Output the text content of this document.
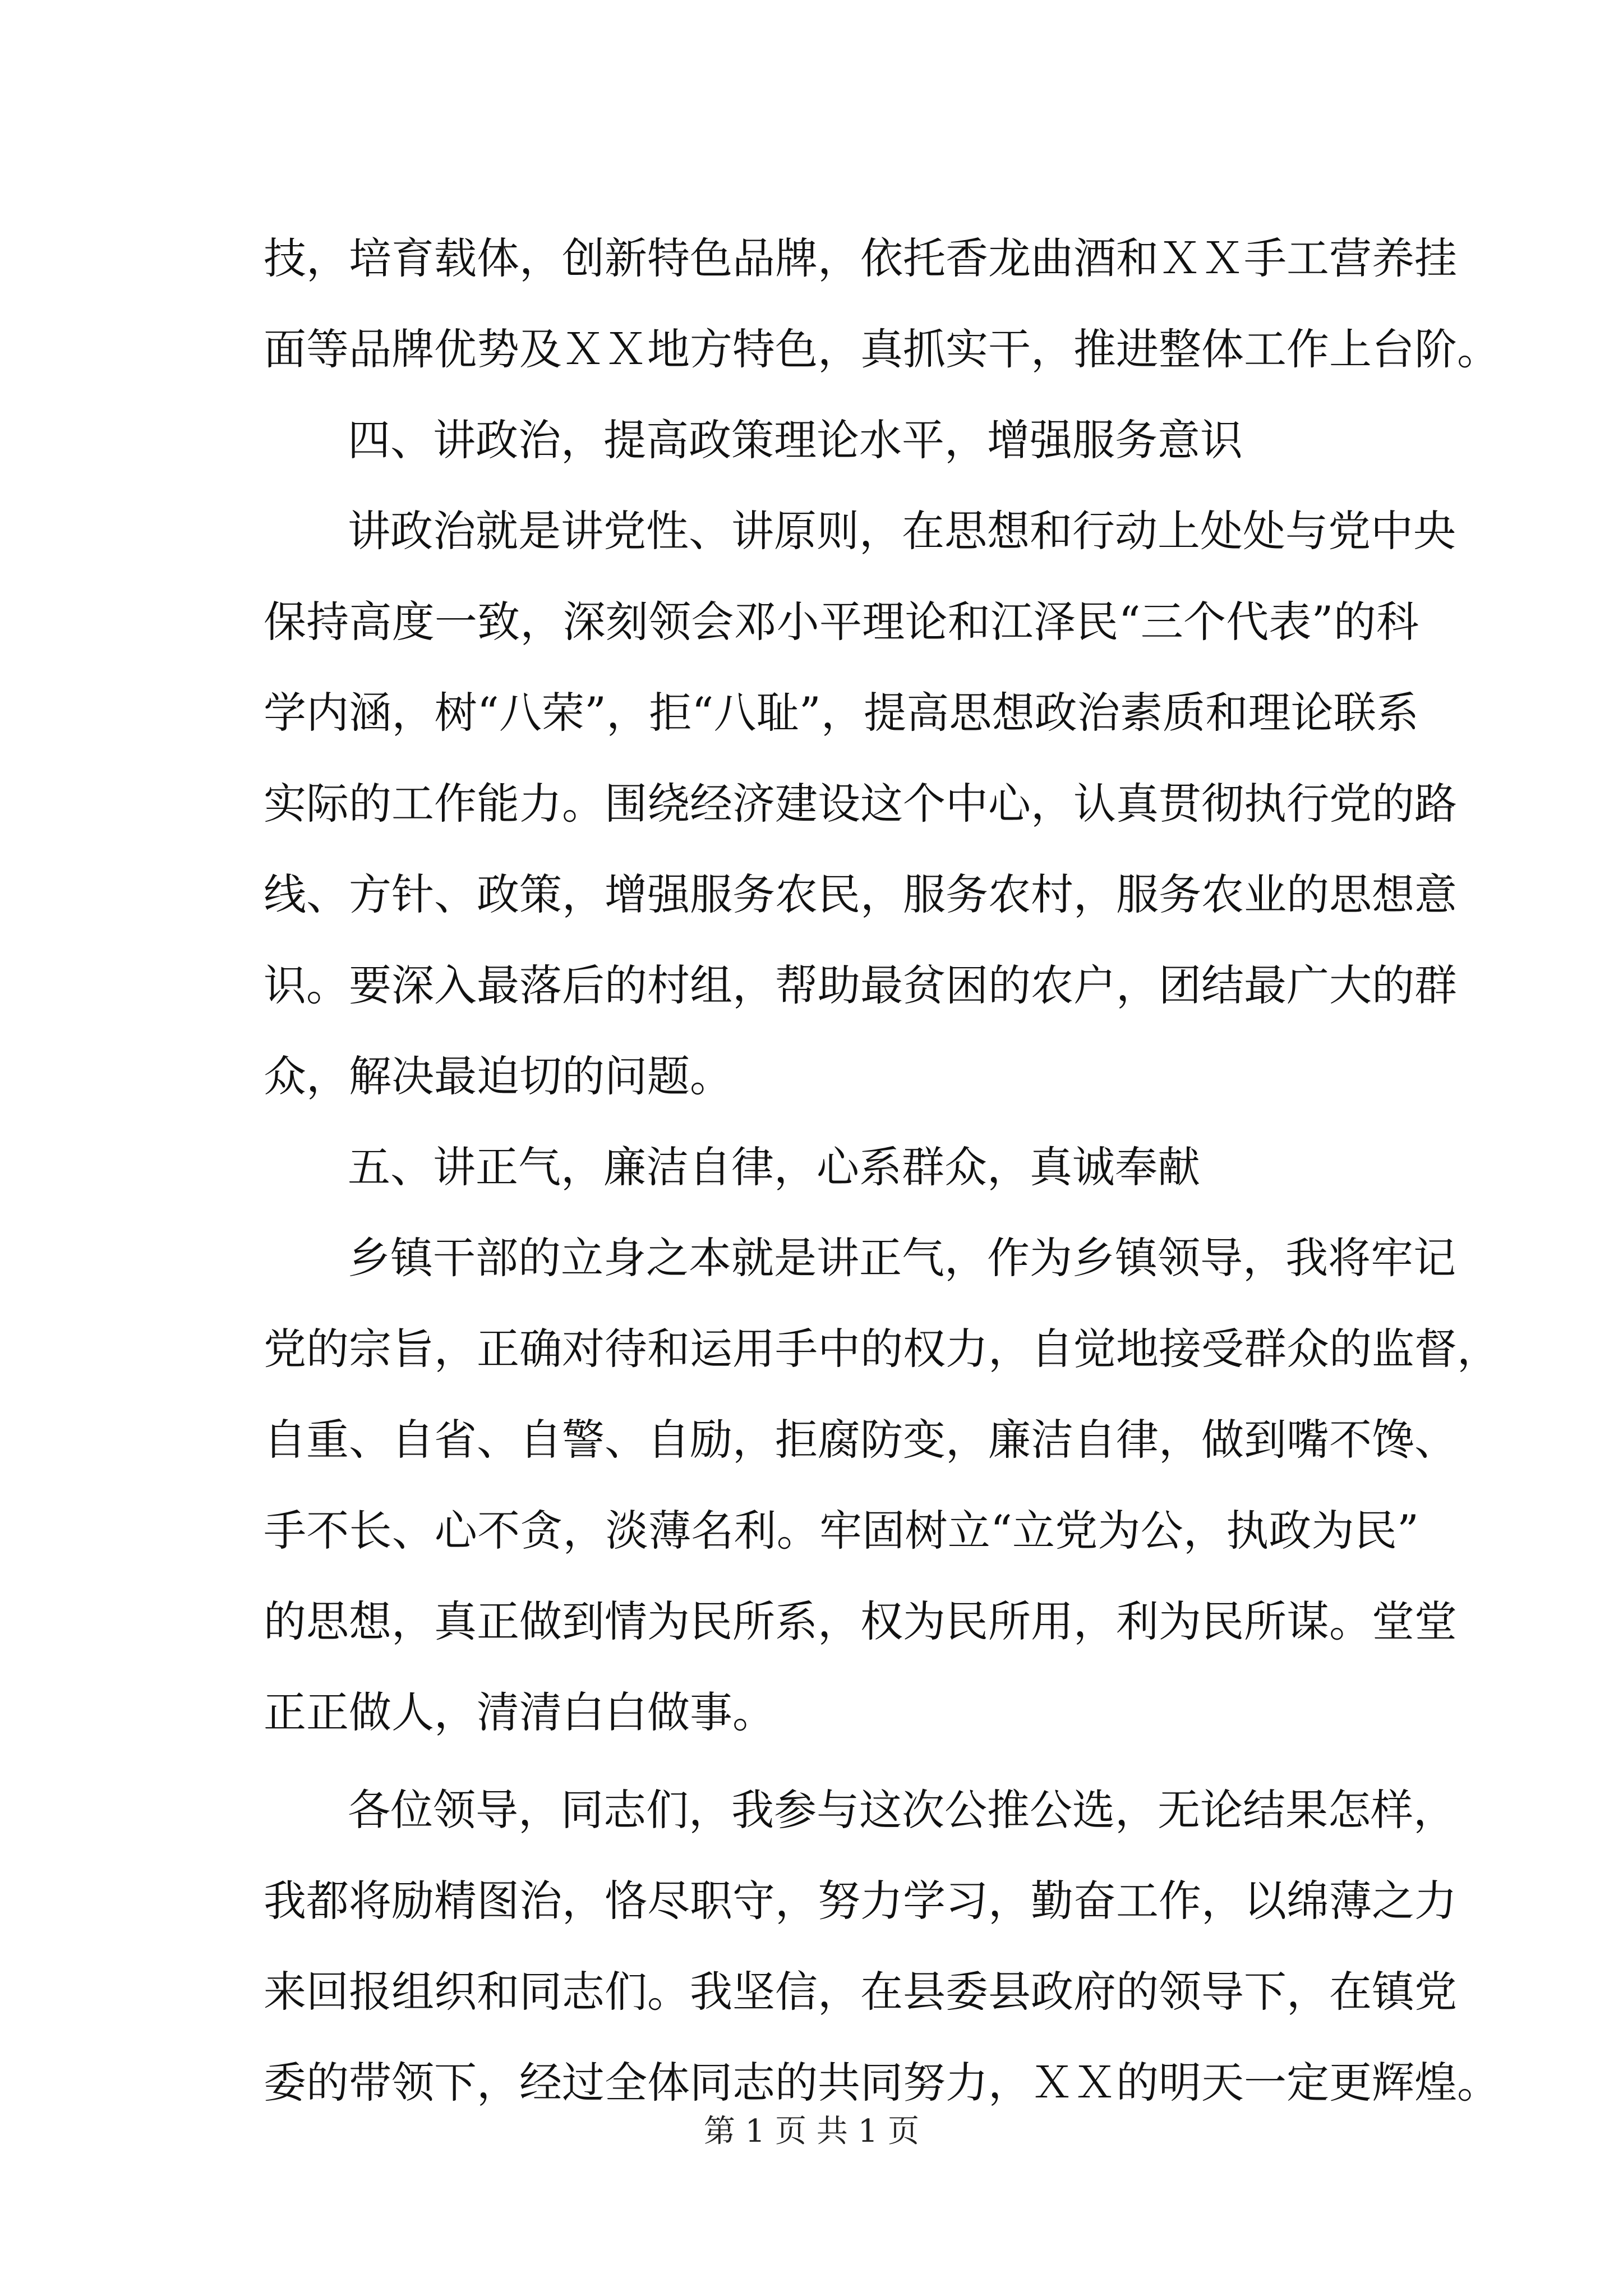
技，培育载体，创新特色品牌，依托香龙曲酒和ＸＸ手工营养挂
面等品牌优势及ＸＸ地方特色，真抓实干，推进整体工作上台阶。
四、讲政治，提高政策理论水平，增强服务意识
讲政治就是讲党性、讲原则，在思想和行动上处处与党中央
保持高度一致，深刻领会邓小平理论和江泽民“三个代表”的科
学内涵，树“八荣”，拒“八耻”，提高思想政治素质和理论联系
实际的工作能力。围绕经济建设这个中心，认真贯彻执行党的路
线、方针、政策，增强服务农民，服务农村，服务农业的思想意
识。要深入最落后的村组，帮助最贫困的农户，团结最广大的群
众，解决最迫切的问题。
五、讲正气，廉洁自律，心系群众，真诚奉献
乡镇干部的立身之本就是讲正气，作为乡镇领导，我将牢记
党的宗旨，正确对待和运用手中的权力，自觉地接受群众的监督，
自重、自省、自警、自励，拒腐防变，廉洁自律，做到嘴不馋、
手不长、心不贪，淡薄名利。牢固树立“立党为公，执政为民”
的思想，真正做到情为民所系，权为民所用，利为民所谋。堂堂
正正做人，清清白白做事。
各位领导，同志们，我参与这次公推公选，无论结果怎样，
我都将励精图治，恪尽职守，努力学习，勤奋工作，以绵薄之力
来回报组织和同志们。我坚信，在县委县政府的领导下，在镇党
委的带领下，经过全体同志的共同努力，ＸＸ的明天一定更辉煌。
第 1 页 共 1 页
